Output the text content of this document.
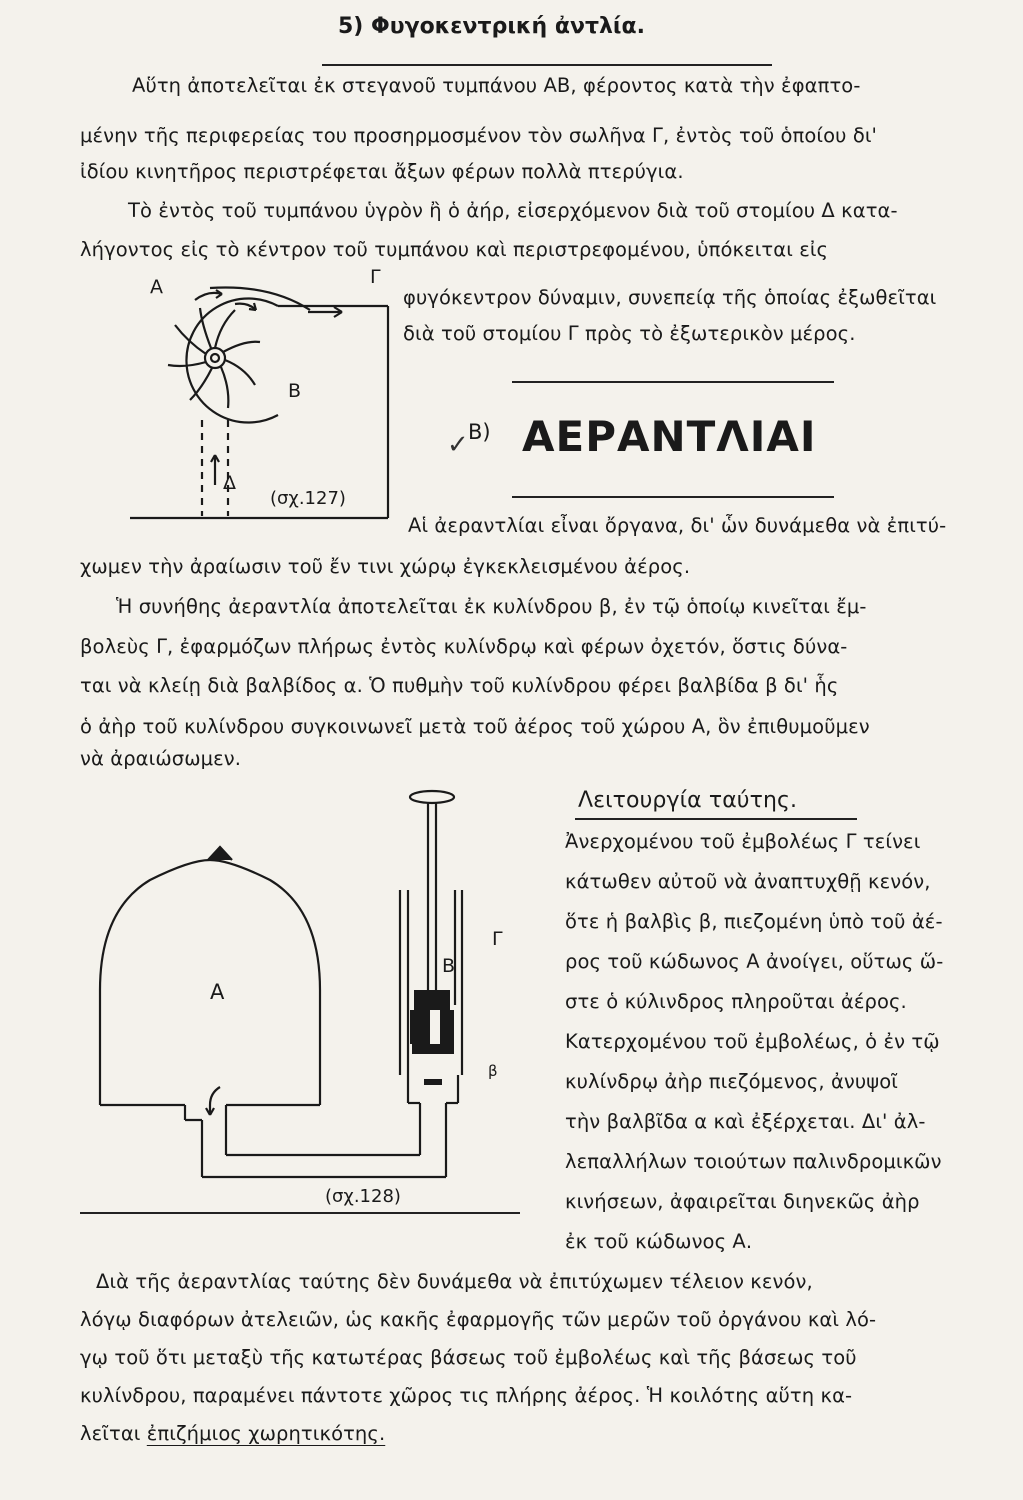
5) Φυγοκεντρική ἀντλία.
Αὕτη ἀποτελεῖται ἐκ στεγανοῦ τυμπάνου ΑΒ, φέροντος κατὰ τὴν ἐφαπτο-
μένην τῆς περιφερείας του προσηρμοσμένον τὸν σωλῆνα Γ, ἐντὸς τοῦ ὁποίου δι'
ἰδίου κινητῆρος περιστρέφεται ἄξων φέρων πολλὰ πτερύγια.
Τὸ ἐντὸς τοῦ τυμπάνου ὑγρὸν ἢ ὁ ἀήρ, εἰσερχόμενον διὰ τοῦ στομίου Δ κατα-
λήγοντος εἰς τὸ κέντρον τοῦ τυμπάνου καὶ περιστρεφομένου, ὑπόκειται εἰς
φυγόκεντρον δύναμιν, συνεπείᾳ τῆς ὁποίας ἐξωθεῖται
διὰ τοῦ στομίου Γ πρὸς τὸ ἐξωτερικὸν μέρος.
Α	Γ
Β
Δ
(σχ.127)
✓ B) ΑΕΡΑΝΤΛΙΑΙ
Αἱ ἀεραντλίαι εἶναι ὄργανα, δι' ὧν δυνάμεθα νὰ ἐπιτύ-
χωμεν τὴν ἀραίωσιν τοῦ ἔν τινι χώρῳ ἐγκεκλεισμένου ἀέρος.
Ἡ συνήθης ἀεραντλία ἀποτελεῖται ἐκ κυλίνδρου β, ἐν τῷ ὁποίῳ κινεῖται ἔμ-
βολεὺς Γ, ἐφαρμόζων πλήρως ἐντὸς κυλίνδρῳ καὶ φέρων ὀχετόν, ὅστις δύνα-
ται νὰ κλείῃ διὰ βαλβίδος α. Ὁ πυθμὴν τοῦ κυλίνδρου φέρει βαλβίδα β δι' ἧς
ὁ ἀὴρ τοῦ κυλίνδρου συγκοινωνεῖ μετὰ τοῦ ἀέρος τοῦ χώρου Α, ὃν ἐπιθυμοῦμεν
νὰ ἀραιώσωμεν.
Λειτουργία ταύτης.
Ἀνερχομένου τοῦ ἐμβολέως Γ τείνει
κάτωθεν αὐτοῦ νὰ ἀναπτυχθῇ κενόν,
ὅτε ἡ βαλβὶς β, πιεζομένη ὑπὸ τοῦ ἀέ-
ρος τοῦ κώδωνος Α ἀνοίγει, οὕτως ὥ-
στε ὁ κύλινδρος πληροῦται ἀέρος.
Κατερχομένου τοῦ ἐμβολέως, ὁ ἐν τῷ
κυλίνδρῳ ἀὴρ πιεζόμενος, ἀνυψοῖ
τὴν βαλβῖδα α καὶ ἐξέρχεται. Δι' ἀλ-
λεπαλλήλων τοιούτων παλινδρομικῶν
κινήσεων, ἀφαιρεῖται διηνεκῶς ἀὴρ
ἐκ τοῦ κώδωνος Α.
Α
Β
Γ
α
β
(σχ.128)
Διὰ τῆς ἀεραντλίας ταύτης δὲν δυνάμεθα νὰ ἐπιτύχωμεν τέλειον κενόν,
λόγῳ διαφόρων ἀτελειῶν, ὡς κακῆς ἐφαρμογῆς τῶν μερῶν τοῦ ὀργάνου καὶ λό-
γῳ τοῦ ὅτι μεταξὺ τῆς κατωτέρας βάσεως τοῦ ἐμβολέως καὶ τῆς βάσεως τοῦ
κυλίνδρου, παραμένει πάντοτε χῶρος τις πλήρης ἀέρος. Ἡ κοιλότης αὕτη κα-
λεῖται ἐπιζήμιος χωρητικότης.
